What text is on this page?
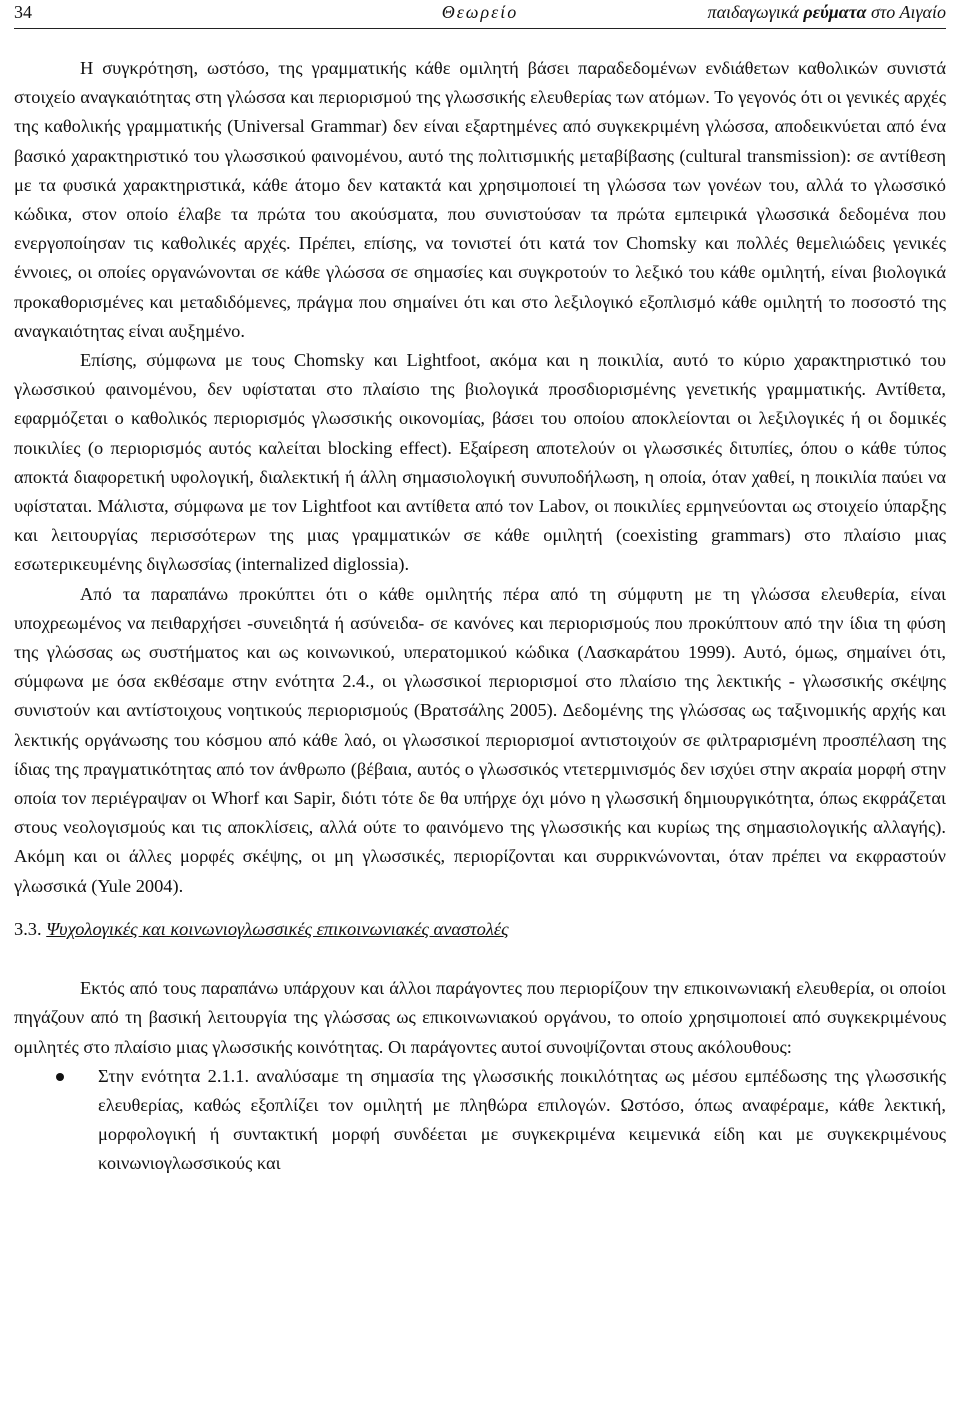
34	Θεωρείο	παιδαγωγικά ρεύματα στο Αιγαίο

Η συγκρότηση, ωστόσο, της γραμματικής κάθε ομιλητή βάσει παραδεδομένων ενδιάθετων καθολικών συνιστά στοιχείο αναγκαιότητας στη γλώσσα και περιορισμού της γλωσσικής ελευθερίας των ατόμων. Το γεγονός ότι οι γενικές αρχές της καθολικής γραμματικής (Universal Grammar) δεν είναι εξαρτημένες από συγκεκριμένη γλώσσα, αποδεικνύεται από ένα βασικό χαρακτηριστικό του γλωσσικού φαινομένου, αυτό της πολιτισμικής μεταβίβασης (cultural transmission): σε αντίθεση με τα φυσικά χαρακτηριστικά, κάθε άτομο δεν κατακτά και χρησιμοποιεί τη γλώσσα των γονέων του, αλλά το γλωσσικό κώδικα, στον οποίο έλαβε τα πρώτα του ακούσματα, που συνιστούσαν τα πρώτα εμπειρικά γλωσσικά δεδομένα που ενεργοποίησαν τις καθολικές αρχές. Πρέπει, επίσης, να τονιστεί ότι κατά τον Chomsky και πολλές θεμελιώδεις γενικές έννοιες, οι οποίες οργανώνονται σε κάθε γλώσσα σε σημασίες και συγκροτούν το λεξικό του κάθε ομιλητή, είναι βιολογικά προκαθορισμένες και μεταδιδόμενες, πράγμα που σημαίνει ότι και στο λεξιλογικό εξοπλισμό κάθε ομιλητή το ποσοστό της αναγκαιότητας είναι αυξημένο.

Επίσης, σύμφωνα με τους Chomsky και Lightfoot, ακόμα και η ποικιλία, αυτό το κύριο χαρακτηριστικό του γλωσσικού φαινομένου, δεν υφίσταται στο πλαίσιο της βιολογικά προσδιορισμένης γενετικής γραμματικής. Αντίθετα, εφαρμόζεται ο καθολικός περιορισμός γλωσσικής οικονομίας, βάσει του οποίου αποκλείονται οι λεξιλογικές ή οι δομικές ποικιλίες (ο περιορισμός αυτός καλείται blocking effect). Εξαίρεση αποτελούν οι γλωσσικές διτυπίες, όπου ο κάθε τύπος αποκτά διαφορετική υφολογική, διαλεκτική ή άλλη σημασιολογική συνυποδήλωση, η οποία, όταν χαθεί, η ποικιλία παύει να υφίσταται. Μάλιστα, σύμφωνα με τον Lightfoot και αντίθετα από τον Labov, οι ποικιλίες ερμηνεύονται ως στοιχείο ύπαρξης και λειτουργίας περισσότερων της μιας γραμματικών σε κάθε ομιλητή (coexisting grammars) στο πλαίσιο μιας εσωτερικευμένης διγλωσσίας (internalized diglossia).

Από τα παραπάνω προκύπτει ότι ο κάθε ομιλητής πέρα από τη σύμφυτη με τη γλώσσα ελευθερία, είναι υποχρεωμένος να πειθαρχήσει -συνειδητά ή ασύνειδα- σε κανόνες και περιορισμούς που προκύπτουν από την ίδια τη φύση της γλώσσας ως συστήματος και ως κοινωνικού, υπερατομικού κώδικα (Λασκαράτου 1999). Αυτό, όμως, σημαίνει ότι, σύμφωνα με όσα εκθέσαμε στην ενότητα 2.4., οι γλωσσικοί περιορισμοί στο πλαίσιο της λεκτικής - γλωσσικής σκέψης συνιστούν και αντίστοιχους νοητικούς περιορισμούς (Βρατσάλης 2005). Δεδομένης της γλώσσας ως ταξινομικής αρχής και λεκτικής οργάνωσης του κόσμου από κάθε λαό, οι γλωσσικοί περιορισμοί αντιστοιχούν σε φιλτραρισμένη προσπέλαση της ίδιας της πραγματικότητας από τον άνθρωπο (βέβαια, αυτός ο γλωσσικός ντετερμινισμός δεν ισχύει στην ακραία μορφή στην οποία τον περιέγραψαν οι Whorf και Sapir, διότι τότε δε θα υπήρχε όχι μόνο η γλωσσική δημιουργικότητα, όπως εκφράζεται στους νεολογισμούς και τις αποκλίσεις, αλλά ούτε το φαινόμενο της γλωσσικής και κυρίως της σημασιολογικής αλλαγής). Ακόμη και οι άλλες μορφές σκέψης, οι μη γλωσσικές, περιορίζονται και συρρικνώνονται, όταν πρέπει να εκφραστούν γλωσσικά (Yule 2004).

3.3. Ψυχολογικές και κοινωνιογλωσσικές επικοινωνιακές αναστολές

Εκτός από τους παραπάνω υπάρχουν και άλλοι παράγοντες που περιορίζουν την επικοινωνιακή ελευθερία, οι οποίοι πηγάζουν από τη βασική λειτουργία της γλώσσας ως επικοινωνιακού οργάνου, το οποίο χρησιμοποιεί από συγκεκριμένους ομιλητές στο πλαίσιο μιας γλωσσικής κοινότητας. Οι παράγοντες αυτοί συνοψίζονται στους ακόλουθους:

Στην ενότητα 2.1.1. αναλύσαμε τη σημασία της γλωσσικής ποικιλότητας ως μέσου εμπέδωσης της γλωσσικής ελευθερίας, καθώς εξοπλίζει τον ομιλητή με πληθώρα επιλογών. Ωστόσο, όπως αναφέραμε, κάθε λεκτική, μορφολογική ή συντακτική μορφή συνδέεται με συγκεκριμένα κειμενικά είδη και με συγκεκριμένους κοινωνιογλωσσικούς και
